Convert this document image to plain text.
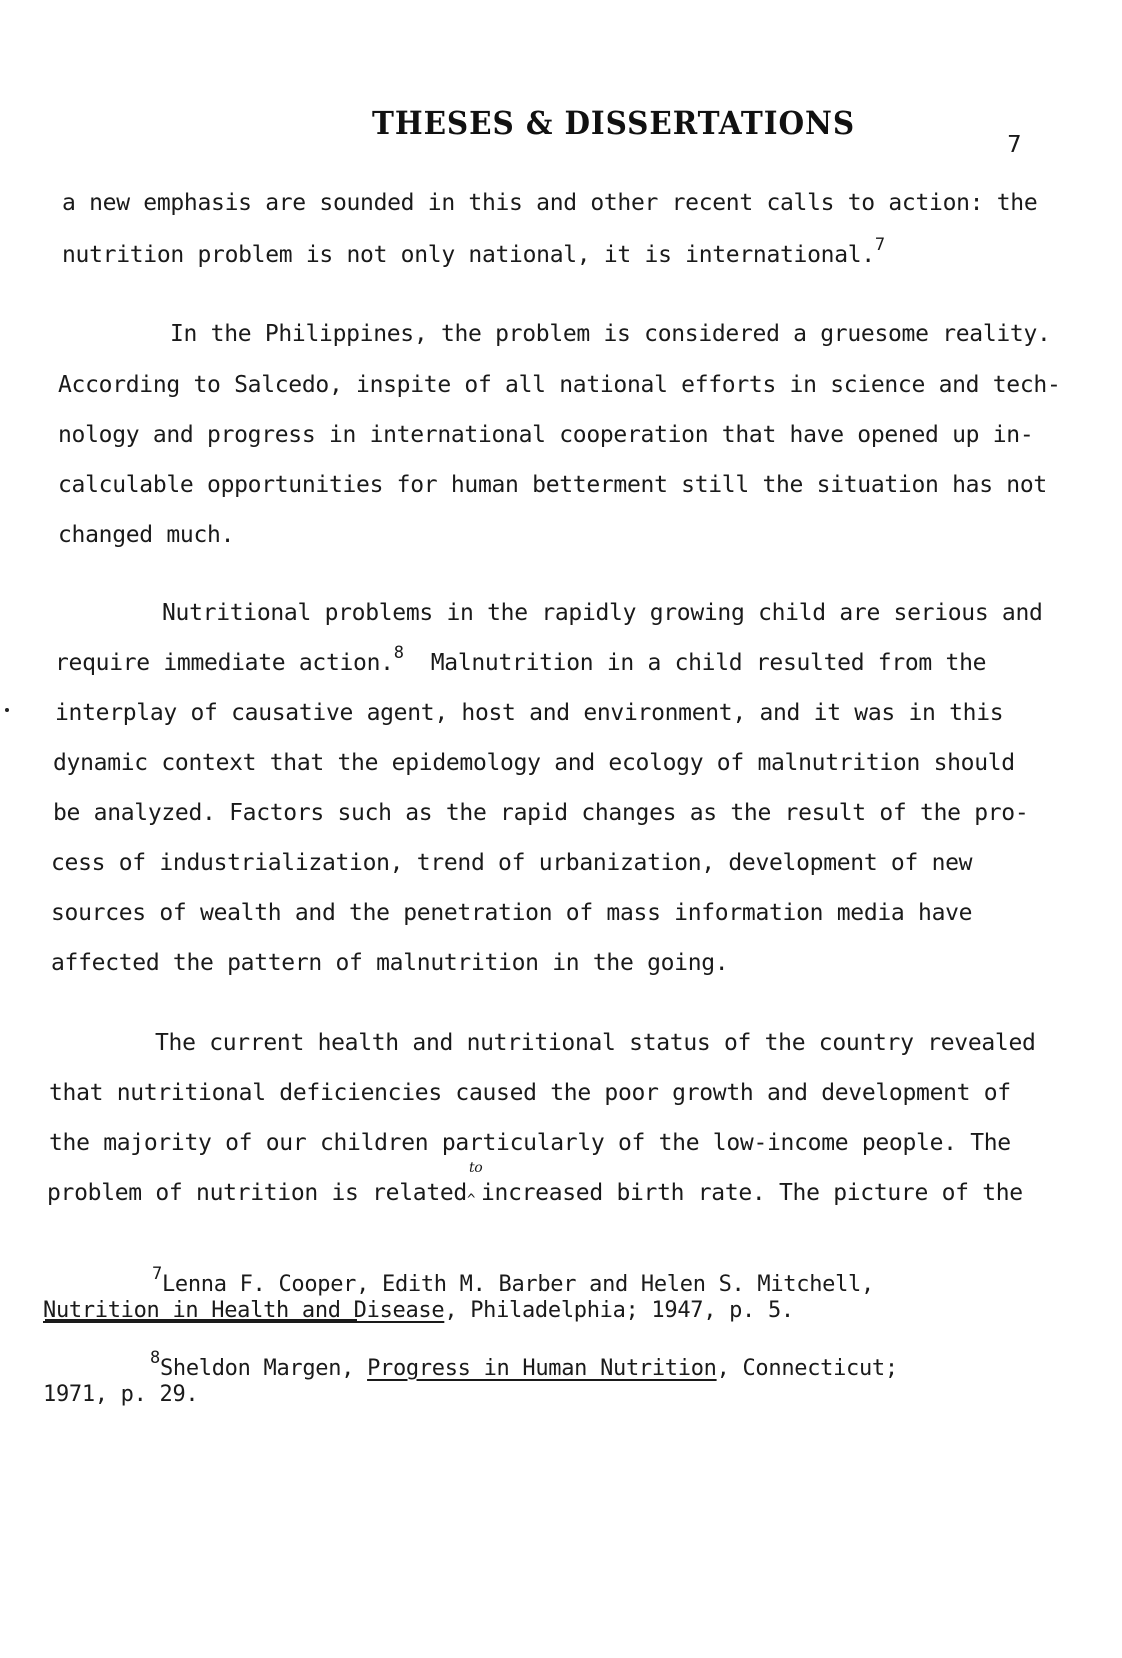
THESES & DISSERTATIONS
7
a new emphasis are sounded in this and other recent calls to action: the
nutrition problem is not only national, it is international.$^7$
In the Philippines, the problem is considered a gruesome reality.
According to Salcedo, inspite of all national efforts in science and tech-
nology and progress in international cooperation that have opened up in-
calculable opportunities for human betterment still the situation has not
changed much.
Nutritional problems in the rapidly growing child are serious and
require immediate action.$^8$ Malnutrition in a child resulted from the
interplay of causative agent, host and environment, and it was in this
dynamic context that the epidemology and ecology of malnutrition should
be analyzed. Factors such as the rapid changes as the result of the pro-
cess of industrialization, trend of urbanization, development of new
sources of wealth and the penetration of mass information media have
affected the pattern of malnutrition in the going.
The current health and nutritional status of the country revealed
that nutritional deficiencies caused the poor growth and development of
the majority of our children particularly of the low-income people. The
problem of nutrition is related
to
^ increased birth rate. The picture of the
$^7$Lenna F. Cooper, Edith M. Barber and Helen S. Mitchell,
Nutrition in Health and Disease, Philadelphia; 1947, p. 5.
$^8$Sheldon Margen, Progress in Human Nutrition, Connecticut;
1971, p. 29.
